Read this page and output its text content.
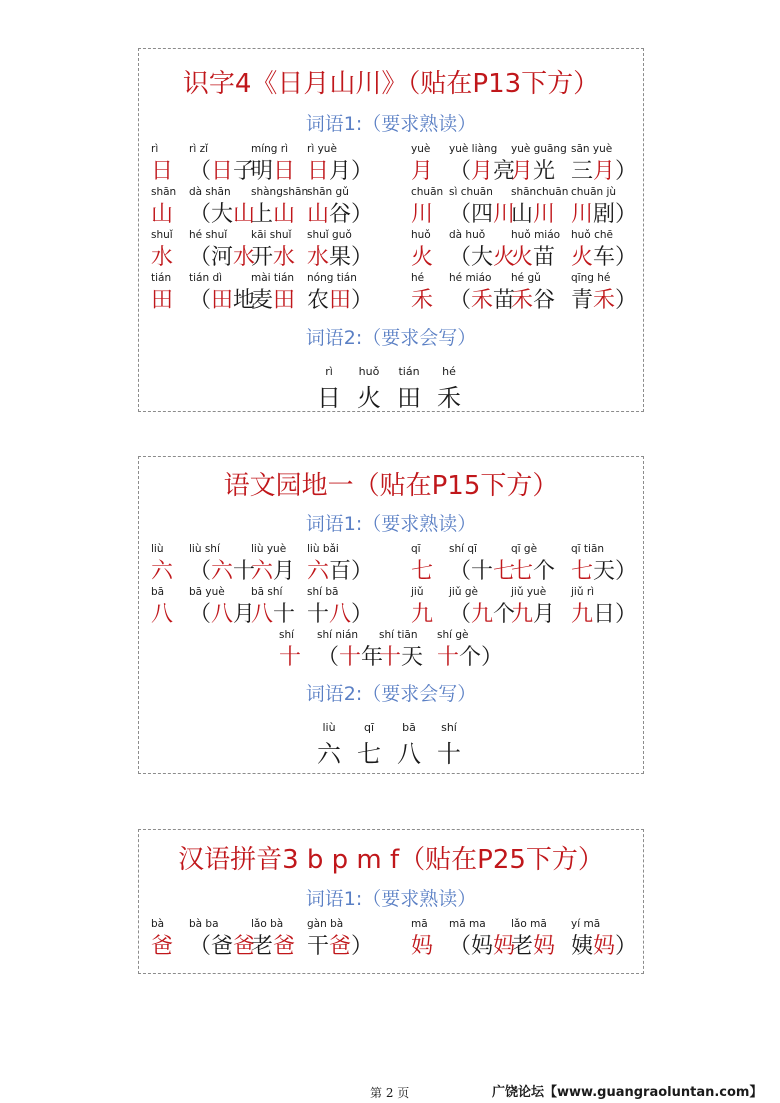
识字4《日月山川》（贴在P13下方）
词语1:（要求熟读）
rì
日
rì zǐ
（日子
míng rì
明日
rì yuè
日月）
yuè
月
yuè liàng
（月亮
yuè guāng
月光
sān yuè
三月）
shān
山
dà shān
（大山
shàngshān
上山
shān gǔ
山谷）
chuān
川
sì chuān
（四川
shānchuān
山川
chuān jù
川剧）
shuǐ
水
hé shuǐ
（河水
kāi shuǐ
开水
shuǐ guǒ
水果）
huǒ
火
dà huǒ
（大火
huǒ miáo
火苗
huǒ chē
火车）
tián
田
tián dì
（田地
mài tián
麦田
nóng tián
农田）
hé
禾
hé miáo
（禾苗
hé gǔ
禾谷
qīng hé
青禾）
词语2:（要求会写）
rì
日
huǒ
火
tián
田
hé
禾
语文园地一（贴在P15下方）
词语1:（要求熟读）
liù
六
liù shí
（六十
liù yuè
六月
liù bǎi
六百）
qī
七
shí qī
（十七
qī gè
七个
qī tiān
七天）
bā
八
bā yuè
（八月
bā shí
八十
shí bā
十八）
jiǔ
九
jiǔ gè
（九个
jiǔ yuè
九月
jiǔ rì
九日）
shí
十
shí nián
（十年
shí tiān
十天
shí gè
十个）
词语2:（要求会写）
liù
六
qī
七
bā
八
shí
十
汉语拼音3 b p m f（贴在P25下方）
词语1:（要求熟读）
bà
爸
bà ba
（爸爸
lǎo bà
老爸
gàn bà
干爸）
mā
妈
mā ma
（妈妈
lǎo mā
老妈
yí mā
姨妈）
第 2 页	广饶论坛【www.guangraoluntan.com】
